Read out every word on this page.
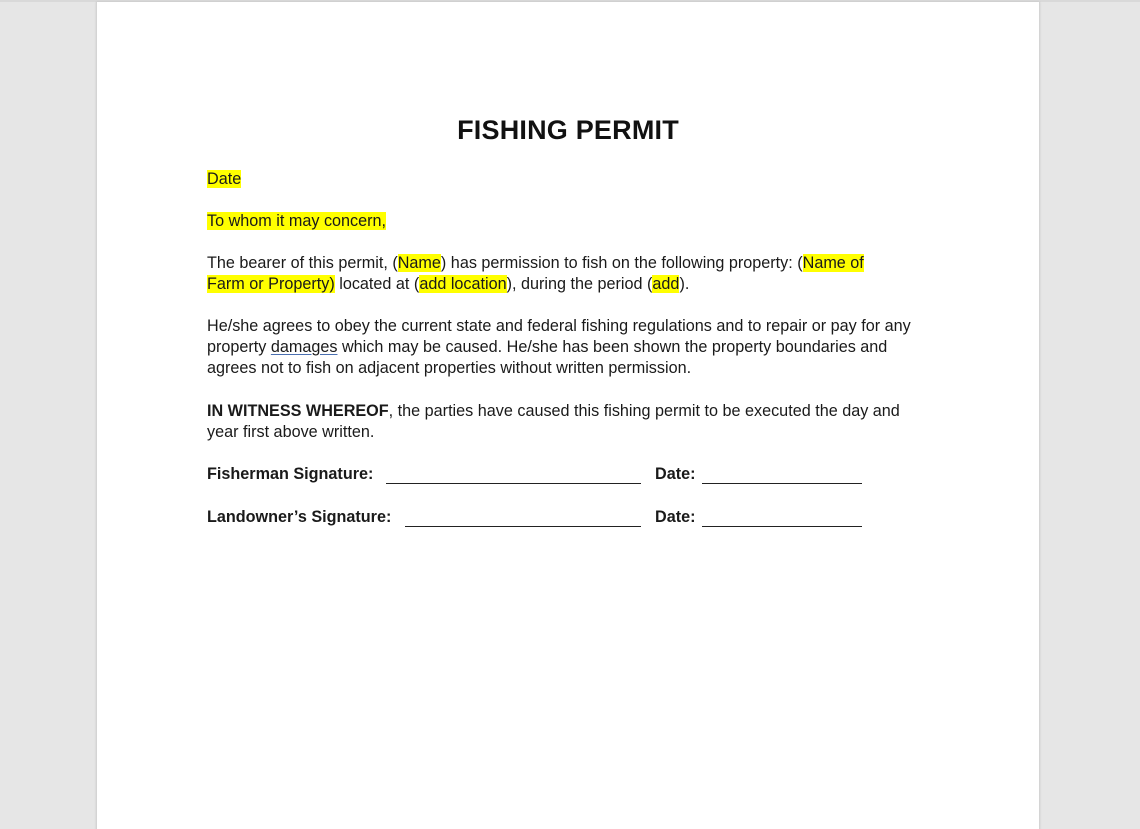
FISHING PERMIT

Date

To whom it may concern,

The bearer of this permit, (Name) has permission to fish on the following property: (Name of
Farm or Property) located at (add location), during the period (add).

He/she agrees to obey the current state and federal fishing regulations and to repair or pay for any property damages which may be caused. He/she has been shown the property boundaries and agrees not to fish on adjacent properties without written permission.

IN WITNESS WHEREOF, the parties have caused this fishing permit to be executed the day and year first above written.

Fisherman Signature:	Date:
Landowner’s Signature:	Date:
